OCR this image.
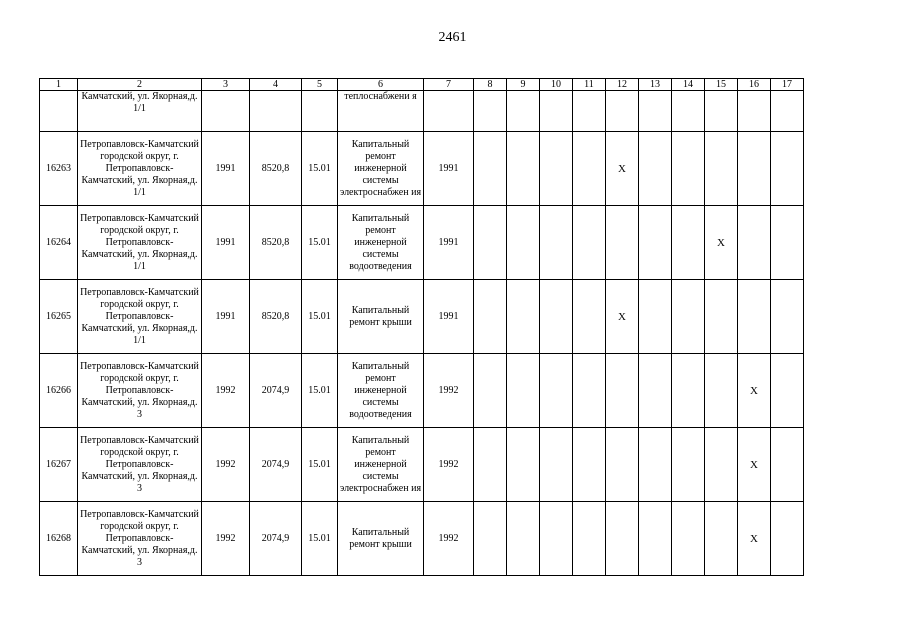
2461
1	2	3	4	5	6	7	8	9	10	11	12	13	14	15	16	17
	Камчатский, ул. Якорная,д. 1/1				теплоснабжени я											
16263	Петропавловск-Камчатский городской округ, г. Петропавловск-Камчатский, ул. Якорная,д. 1/1	1991	8520,8	15.01	Капитальный ремонт инженерной системы электроснабжен ия	1991					X					
16264	Петропавловск-Камчатский городской округ, г. Петропавловск-Камчатский, ул. Якорная,д. 1/1	1991	8520,8	15.01	Капитальный ремонт инженерной системы водоотведения	1991								X		
16265	Петропавловск-Камчатский городской округ, г. Петропавловск-Камчатский, ул. Якорная,д. 1/1	1991	8520,8	15.01	Капитальный ремонт крыши	1991					X					
16266	Петропавловск-Камчатский городской округ, г. Петропавловск-Камчатский, ул. Якорная,д. 3	1992	2074,9	15.01	Капитальный ремонт инженерной системы водоотведения	1992									X	
16267	Петропавловск-Камчатский городской округ, г. Петропавловск-Камчатский, ул. Якорная,д. 3	1992	2074,9	15.01	Капитальный ремонт инженерной системы электроснабжен ия	1992									X	
16268	Петропавловск-Камчатский городской округ, г. Петропавловск-Камчатский, ул. Якорная,д. 3	1992	2074,9	15.01	Капитальный ремонт крыши	1992									X	
